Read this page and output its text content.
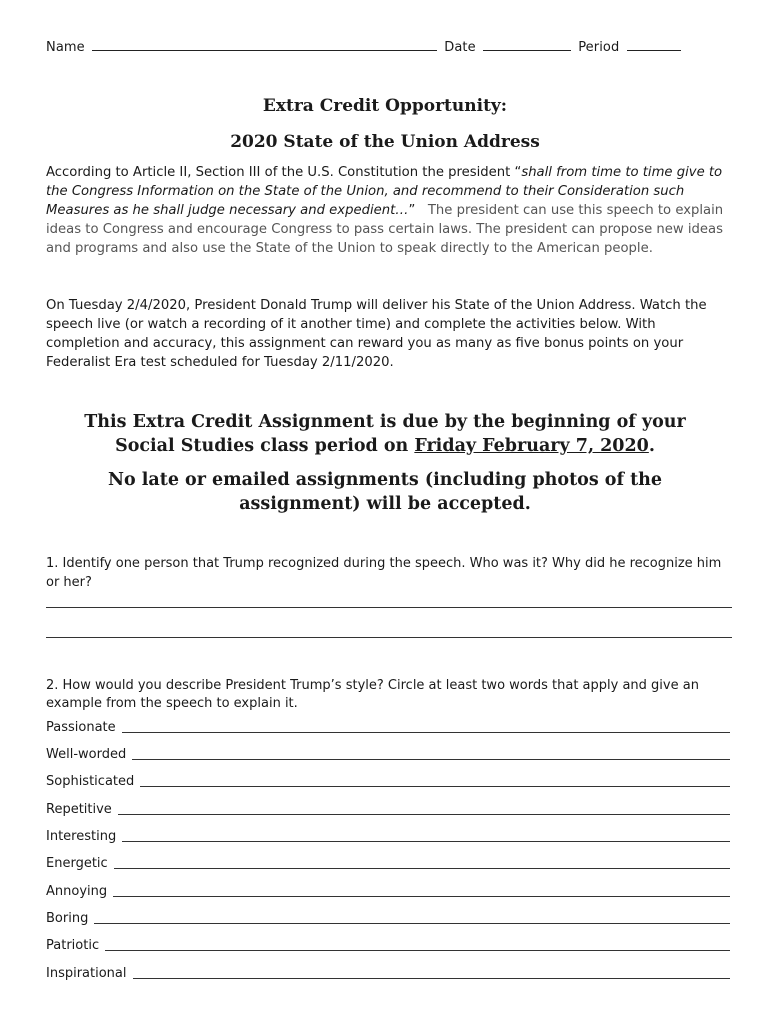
Name	Date	Period
Extra Credit Opportunity:
2020 State of the Union Address
According to Article II, Section III of the U.S. Constitution the president “shall from time to time give to the Congress Information on the State of the Union, and recommend to their Consideration such Measures as he shall judge necessary and expedient…” The president can use this speech to explain ideas to Congress and encourage Congress to pass certain laws. The president can propose new ideas and programs and also use the State of the Union to speak directly to the American people.
On Tuesday 2/4/2020, President Donald Trump will deliver his State of the Union Address. Watch the speech live (or watch a recording of it another time) and complete the activities below. With completion and accuracy, this assignment can reward you as many as five bonus points on your Federalist Era test scheduled for Tuesday 2/11/2020.
This Extra Credit Assignment is due by the beginning of your Social Studies class period on Friday February 7, 2020.
No late or emailed assignments (including photos of the assignment) will be accepted.
1. Identify one person that Trump recognized during the speech. Who was it? Why did he recognize him or her?
2. How would you describe President Trump’s style? Circle at least two words that apply and give an example from the speech to explain it.
Passionate
Well-worded
Sophisticated
Repetitive
Interesting
Energetic
Annoying
Boring
Patriotic
Inspirational
